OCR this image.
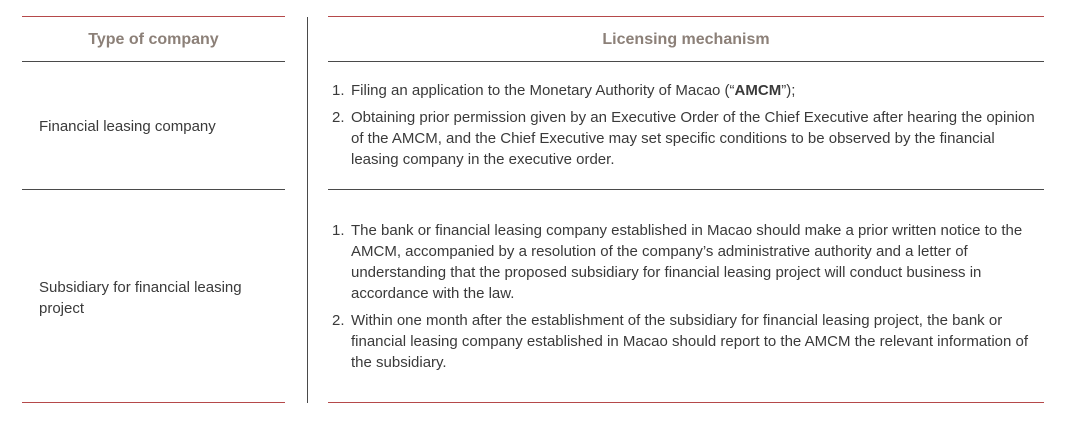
Type of company	Licensing mechanism
Financial leasing company
1. Filing an application to the Monetary Authority of Macao (“AMCM”);
2. Obtaining prior permission given by an Executive Order of the Chief Executive after hearing the opinion of the AMCM, and the Chief Executive may set specific conditions to be observed by the financial leasing company in the executive order.
Subsidiary for financial leasing project
1. The bank or financial leasing company established in Macao should make a prior written notice to the AMCM, accompanied by a resolution of the company’s administrative authority and a letter of understanding that the proposed subsidiary for financial leasing project will conduct business in accordance with the law.
2. Within one month after the establishment of the subsidiary for financial leasing project, the bank or financial leasing company established in Macao should report to the AMCM the relevant information of the subsidiary.
